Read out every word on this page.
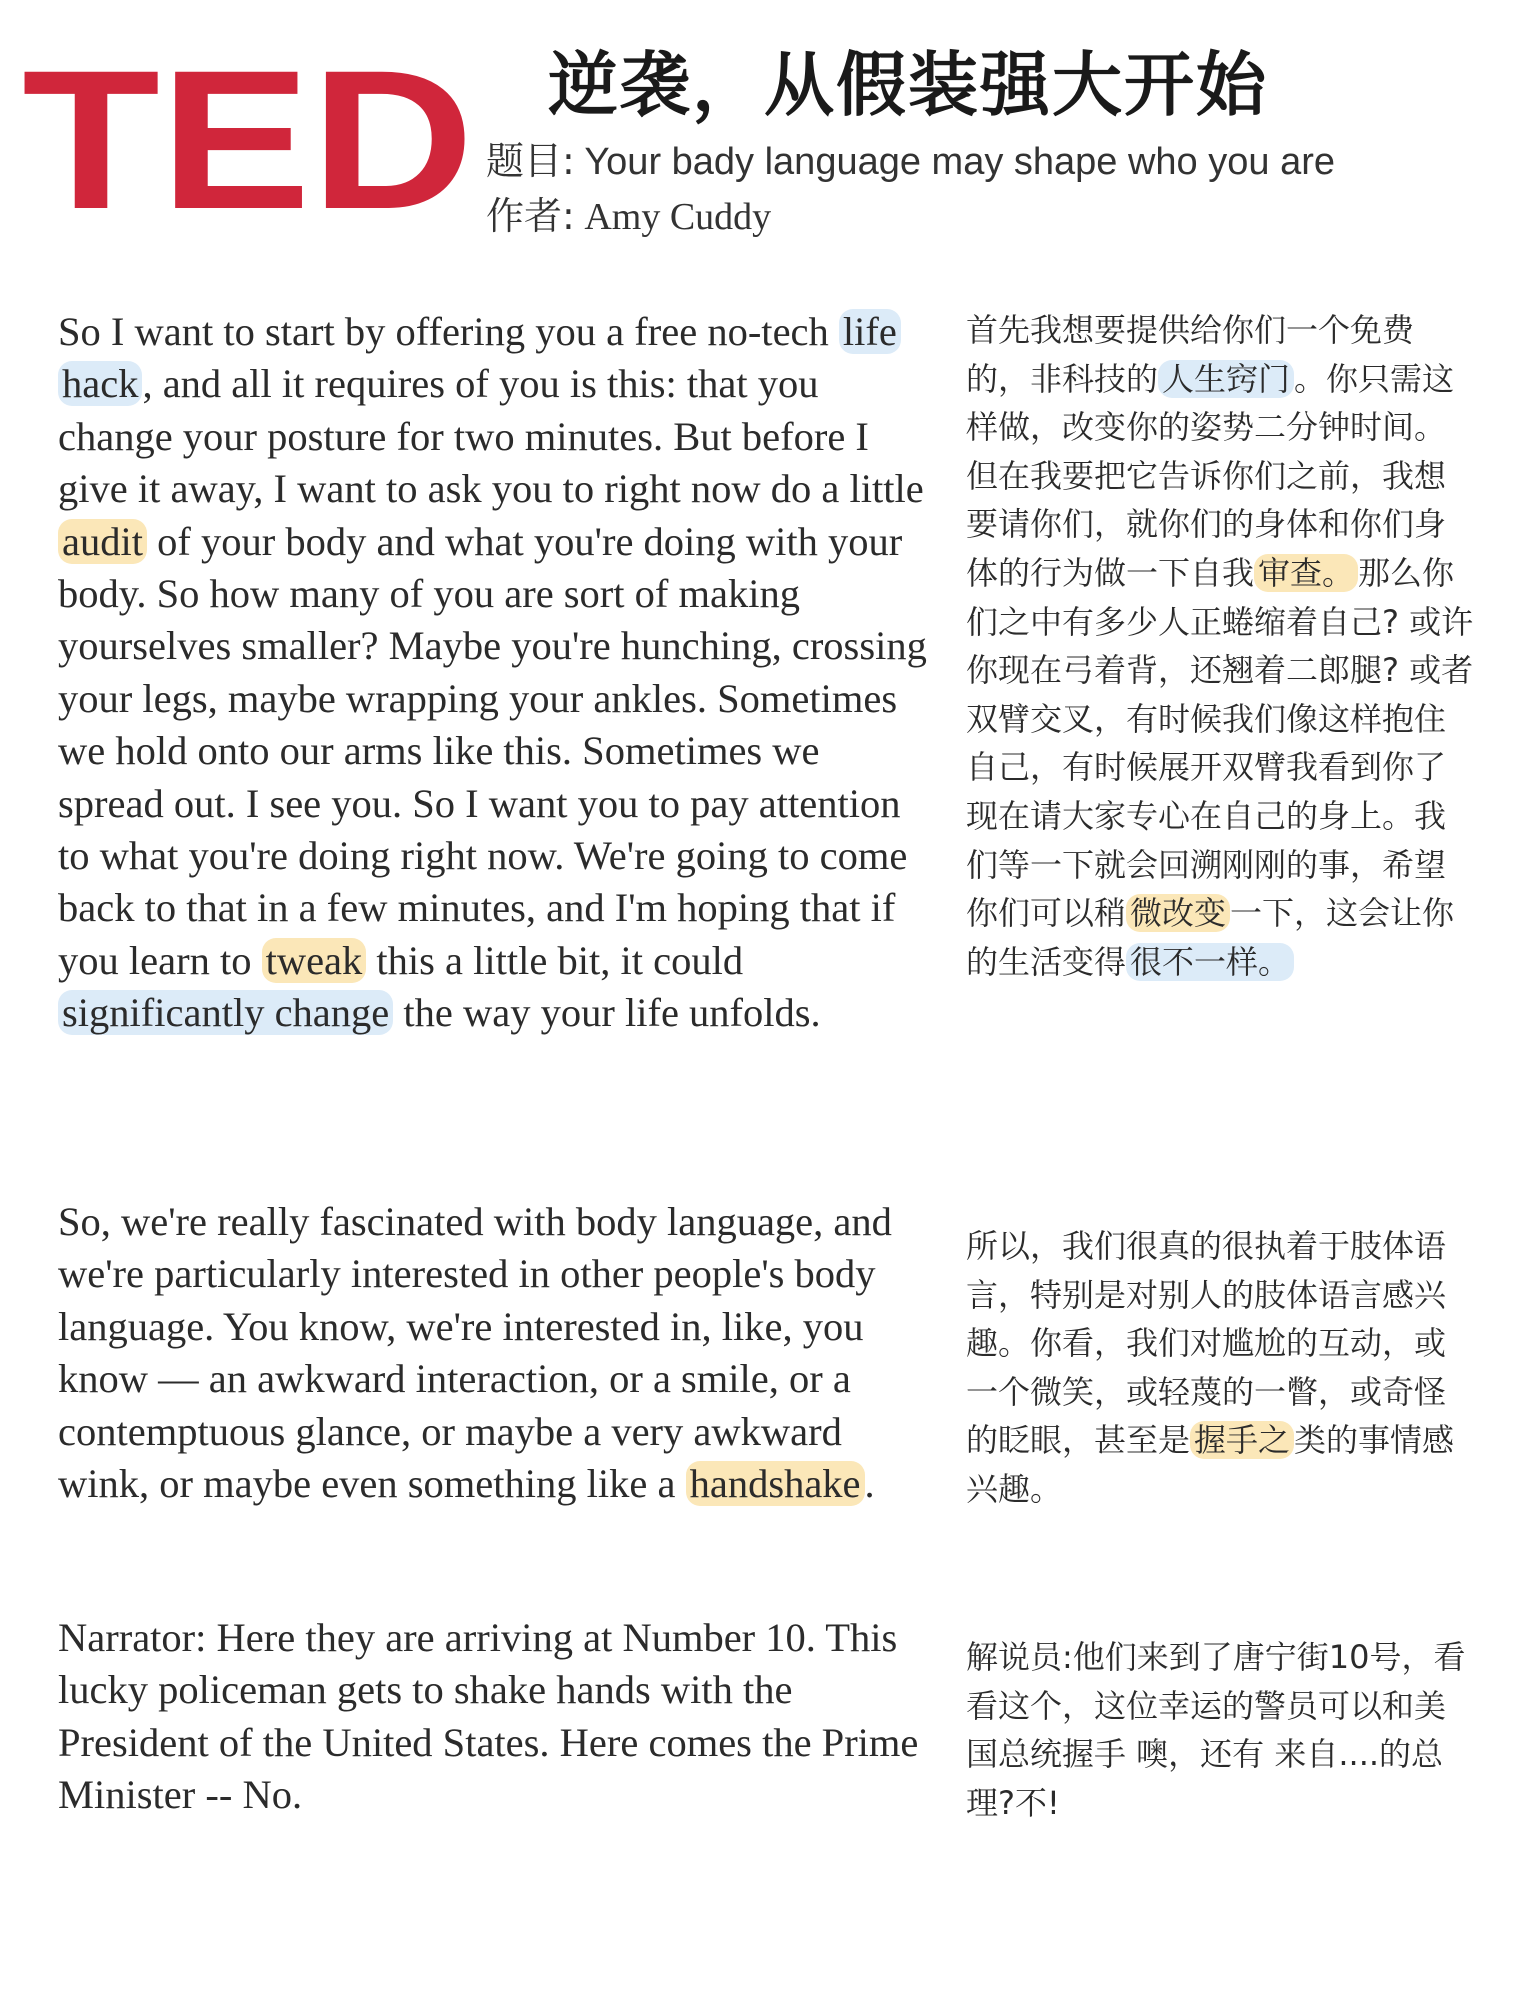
TED 逆袭，从假装强大开始
题目: Your bady language may shape who you are
作者: Amy Cuddy
So I want to start by offering you a free no-tech life hack, and all it requires of you is this: that you change your posture for two minutes. But before I give it away, I want to ask you to right now do a little audit of your body and what you're doing with your body. So how many of you are sort of making yourselves smaller? Maybe you're hunching, crossing your legs, maybe wrapping your ankles. Sometimes we hold onto our arms like this. Sometimes we spread out. I see you. So I want you to pay attention to what you're doing right now. We're going to come back to that in a few minutes, and I'm hoping that if you learn to tweak this a little bit, it could significantly change the way your life unfolds.
So, we're really fascinated with body language, and we're particularly interested in other people's body language. You know, we're interested in, like, you know — an awkward interaction, or a smile, or a contemptuous glance, or maybe a very awkward wink, or maybe even something like a handshake.
Narrator: Here they are arriving at Number 10. This lucky policeman gets to shake hands with the President of the United States. Here comes the Prime Minister -- No.
首先我想要提供给你们一个免费
的，非科技的 人生窍门 。你只需这
样做，改变你的姿势二分钟时间。
但在我要把它告诉你们之前，我想
要请你们，就你们的身体和你们身
体的行为做一下自我 审查。 那么你
们之中有多少人正蜷缩着自己? 或许
你现在弓着背，还翘着二郎腿? 或者
双臂交叉，有时候我们像这样抱住
自己，有时候展开双臂我看到你了
现在请大家专心在自己的身上。我
们等一下就会回溯刚刚的事，希望
你们可以稍 微改变 一下，这会让你
的生活变得 很不一样。
所以，我们很真的很执着于肢体语
言，特别是对别人的肢体语言感兴
趣。你看，我们对尴尬的互动，或
一个微笑，或轻蔑的一瞥，或奇怪
的眨眼，甚至是 握手之 类的事情感
兴趣。
解说员:他们来到了唐宁街10号，看
看这个，这位幸运的警员可以和美
国总统握手 噢，还有 来自....的总
理?不!
